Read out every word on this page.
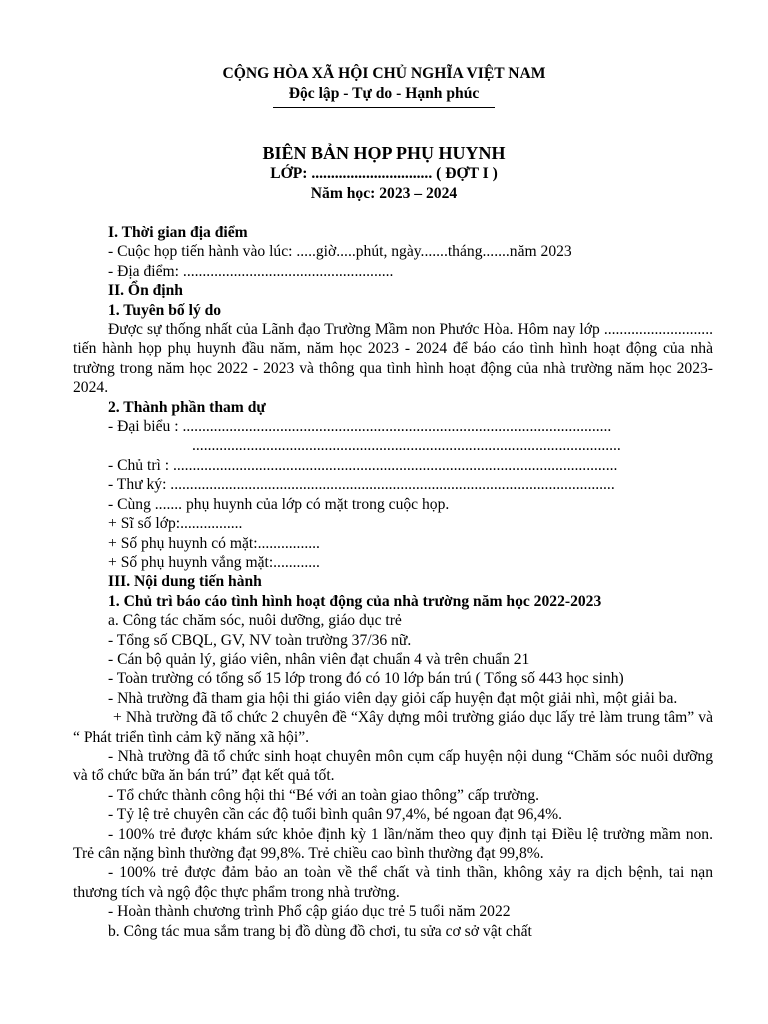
CỘNG HÒA XÃ HỘI CHỦ NGHĨA VIỆT NAM
Độc lập - Tự do - Hạnh phúc
BIÊN BẢN HỌP PHỤ HUYNH
LỚP: ............................... ( ĐỢT I )
Năm học: 2023 – 2024

I. Thời gian địa điểm

- Cuộc họp tiến hành vào lúc: .....giờ.....phút, ngày.......tháng.......năm 2023

- Địa điểm: ......................................................

II. Ổn định

1. Tuyên bố lý do

Được sự thống nhất của Lãnh đạo Trường Mầm non Phước Hòa. Hôm nay lớp ............................ tiến hành họp phụ huynh đầu năm, năm học 2023 - 2024 để báo cáo tình hình hoạt động của nhà trường trong năm học 2022 - 2023 và thông qua tình hình hoạt động của nhà trường năm học 2023- 2024.

2. Thành phần tham dự

- Đại biểu : ..............................................................................................................

..............................................................................................................

- Chủ trì : ..................................................................................................................

- Thư ký: ..................................................................................................................

- Cùng ....... phụ huynh của lớp có mặt trong cuộc họp.

+ Sĩ số lớp:................

+ Số phụ huynh có mặt:................

+ Số phụ huynh vắng mặt:............

III. Nội dung tiến hành

1. Chủ trì báo cáo tình hình hoạt động của nhà trường năm học 2022-2023

a. Công tác chăm sóc, nuôi dưỡng, giáo dục trẻ

- Tổng số CBQL, GV, NV toàn trường 37/36 nữ.

- Cán bộ quản lý, giáo viên, nhân viên đạt chuẩn 4 và trên chuẩn 21

- Toàn trường có tổng số 15 lớp trong đó có 10 lớp bán trú ( Tổng số 443 học sinh)

- Nhà trường đã tham gia hội thi giáo viên dạy giỏi cấp huyện đạt một giải nhì, một giải ba.

+ Nhà trường đã tổ chức 2 chuyên đề “Xây dựng môi trường giáo dục lấy trẻ làm trung tâm” và “ Phát triển tình cảm kỹ năng xã hội”.

- Nhà trường đã tổ chức sinh hoạt chuyên môn cụm cấp huyện nội dung “Chăm sóc nuôi dưỡng và tổ chức bữa ăn bán trú” đạt kết quả tốt.

- Tổ chức thành công hội thi “Bé với an toàn giao thông” cấp trường.

- Tỷ lệ trẻ chuyên cần các độ tuổi bình quân 97,4%, bé ngoan đạt 96,4%.

- 100% trẻ được khám sức khỏe định kỳ 1 lần/năm theo quy định tại Điều lệ trường mầm non. Trẻ cân nặng bình thường đạt 99,8%. Trẻ chiều cao bình thường đạt 99,8%.

- 100% trẻ được đảm bảo an toàn về thể chất và tinh thần, không xảy ra dịch bệnh, tai nạn thương tích và ngộ độc thực phẩm trong nhà trường.

- Hoàn thành chương trình Phổ cập giáo dục trẻ 5 tuổi năm 2022

b. Công tác mua sắm trang bị đồ dùng đồ chơi, tu sửa cơ sở vật chất
